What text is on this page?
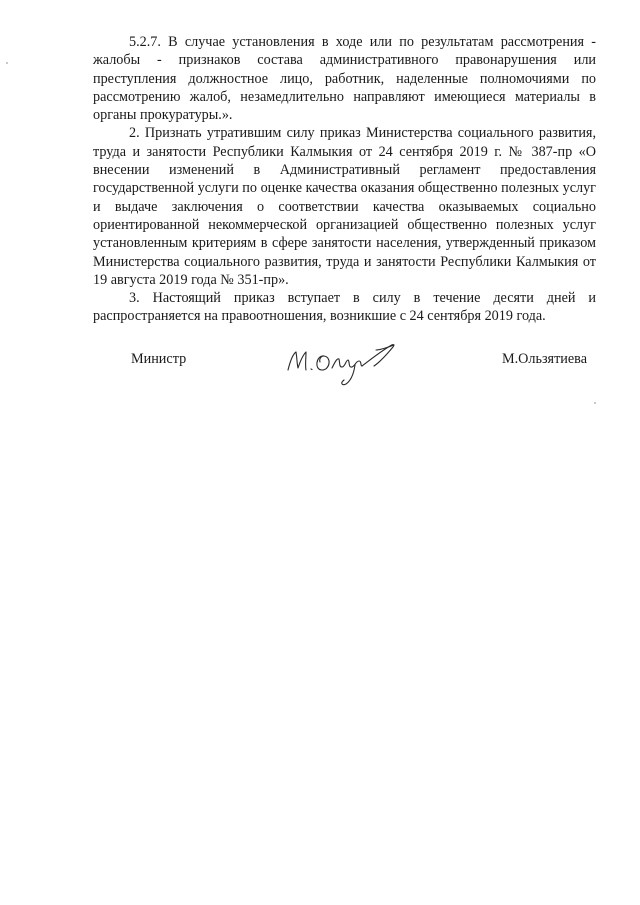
5.2.7. В случае установления в ходе или по результатам рассмотрения - жалобы - признаков состава административного правонарушения или преступления должностное лицо, работник, наделенные полномочиями по рассмотрению жалоб, незамедлительно направляют имеющиеся материалы в органы прокуратуры.».

2. Признать утратившим силу приказ Министерства социального развития, труда и занятости Республики Калмыкия от 24 сентября 2019 г. № 387-пр «О внесении изменений в Административный регламент предоставления государственной услуги по оценке качества оказания общественно полезных услуг и выдаче заключения о соответствии качества оказываемых социально ориентированной некоммерческой организацией общественно полезных услуг установленным критериям в сфере занятости населения, утвержденный приказом Министерства социального развития, труда и занятости Республики Калмыкия от 19 августа 2019 года № 351-пр».

3. Настоящий приказ вступает в силу в течение десяти дней и распространяется на правоотношения, возникшие с 24 сентября 2019 года.

Министр	М.Ользятиева
